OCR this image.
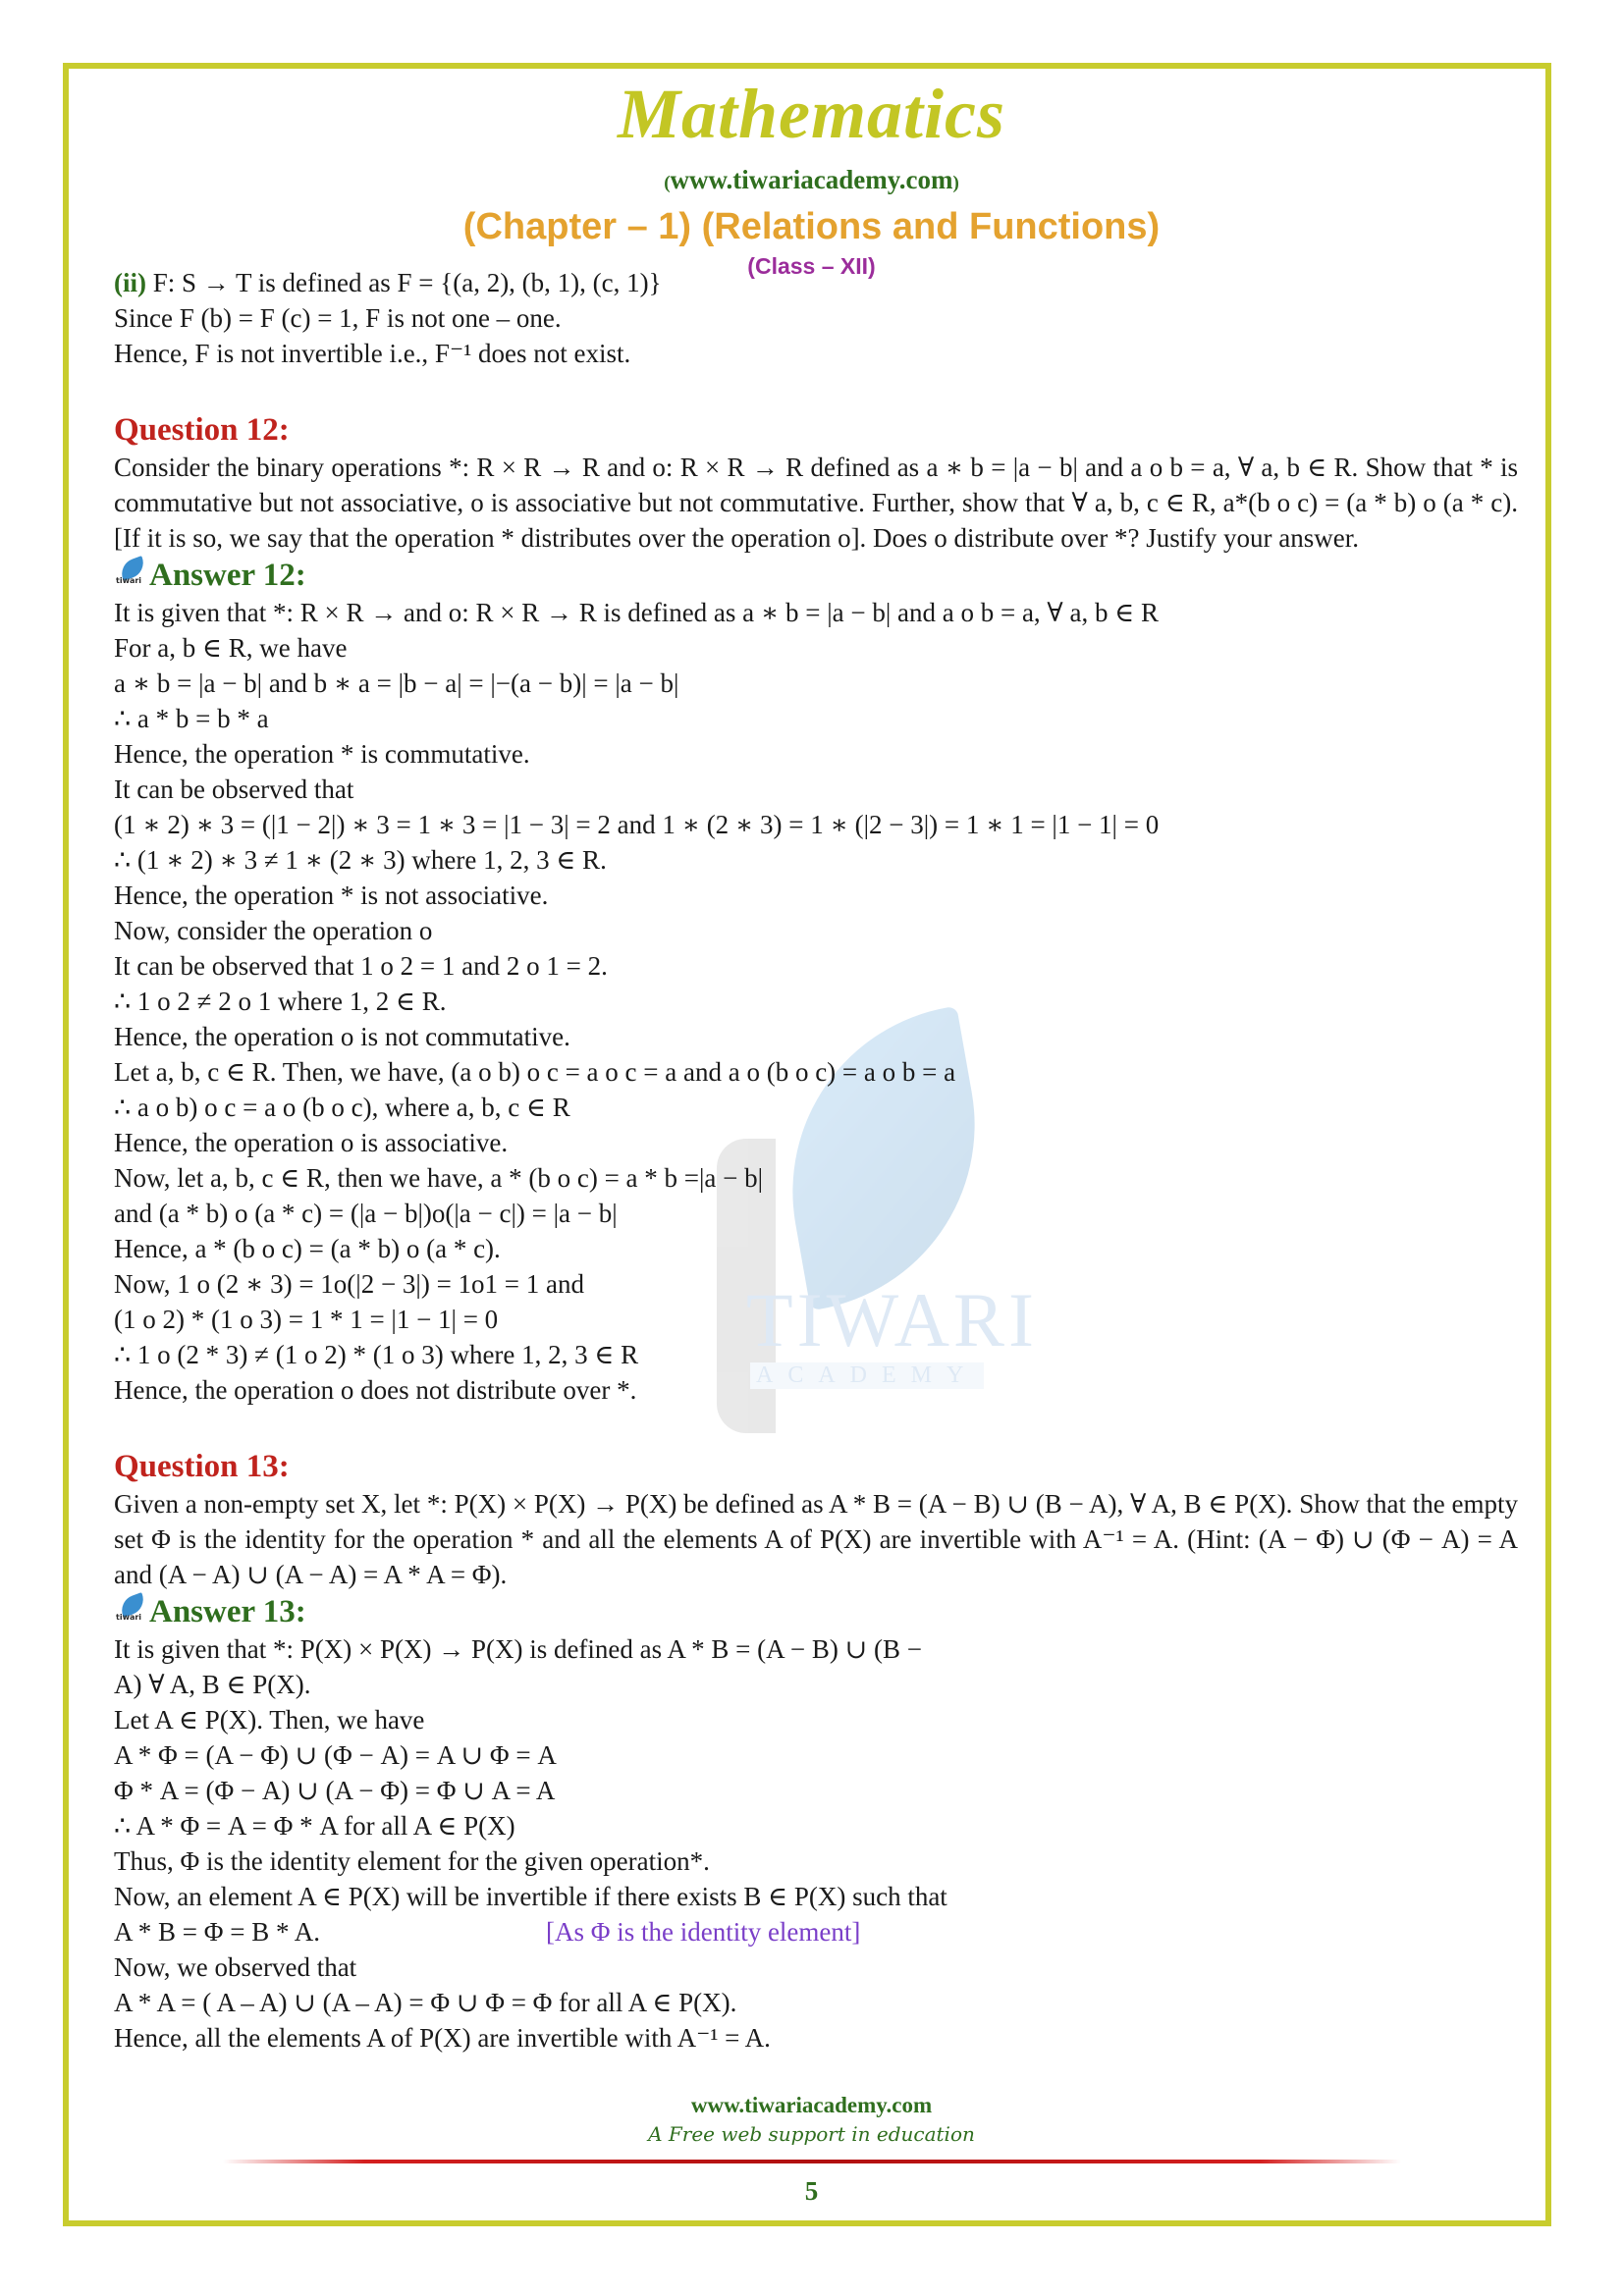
TIWARI
ACADEMY
Mathematics
(www.tiwariacademy.com)
(Chapter – 1) (Relations and Functions)
(Class – XII)

(ii) F: S → T is defined as F = {(a, 2), (b, 1), (c, 1)}

Since F (b) = F (c) = 1, F is not one – one.

Hence, F is not invertible i.e., F⁻¹ does not exist.

Question 12:

Consider the binary operations *: R × R → R and o: R × R → R defined as a ∗ b = |a − b| and a o b = a, ∀ a, b ∈ R. Show that * is commutative but not associative, o is associative but not commutative. Further, show that ∀ a, b, c ∈ R, a*(b o c) = (a * b) o (a * c). [If it is so, we say that the operation * distributes over the operation o]. Does o distribute over *? Justify your answer.

tiwari Answer 12:

It is given that *: R × R → and o: R × R → R is defined as a ∗ b = |a − b| and a o b = a, ∀ a, b ∈ R

For a, b ∈ R, we have

a ∗ b = |a − b| and b ∗ a = |b − a| = |−(a − b)| = |a − b|

∴ a * b = b * a

Hence, the operation * is commutative.

It can be observed that

(1 ∗ 2) ∗ 3 = (|1 − 2|) ∗ 3 = 1 ∗ 3 = |1 − 3| = 2 and 1 ∗ (2 ∗ 3) = 1 ∗ (|2 − 3|) = 1 ∗ 1 = |1 − 1| = 0

∴ (1 ∗ 2) ∗ 3 ≠ 1 ∗ (2 ∗ 3) where 1, 2, 3 ∈ R.

Hence, the operation * is not associative.

Now, consider the operation o

It can be observed that 1 o 2 = 1 and 2 o 1 = 2.

∴ 1 o 2 ≠ 2 o 1 where 1, 2 ∈ R.

Hence, the operation o is not commutative.

Let a, b, c ∈ R. Then, we have, (a o b) o c = a o c = a and a o (b o c) = a o b = a

∴ a o b) o c = a o (b o c), where a, b, c ∈ R

Hence, the operation o is associative.

Now, let a, b, c ∈ R, then we have, a * (b o c) = a * b =|a − b|

and (a * b) o (a * c) = (|a − b|)o(|a − c|) = |a − b|

Hence, a * (b o c) = (a * b) o (a * c).

Now, 1 o (2 ∗ 3) = 1o(|2 − 3|) = 1o1 = 1 and

(1 o 2) * (1 o 3) = 1 * 1 = |1 − 1| = 0

∴ 1 o (2 * 3) ≠ (1 o 2) * (1 o 3) where 1, 2, 3 ∈ R

Hence, the operation o does not distribute over *.

Question 13:

Given a non-empty set X, let *: P(X) × P(X) → P(X) be defined as A * B = (A − B) ∪ (B − A), ∀ A, B ∈ P(X). Show that the empty set Φ is the identity for the operation * and all the elements A of P(X) are invertible with A⁻¹ = A. (Hint: (A − Φ) ∪ (Φ − A) = A and (A − A) ∪ (A − A) = A * A = Φ).

tiwari Answer 13:

It is given that *: P(X) × P(X) → P(X) is defined as A * B = (A − B) ∪ (B −

A) ∀ A, B ∈ P(X).

Let A ∈ P(X). Then, we have

A * Φ = (A − Φ) ∪ (Φ − A) = A ∪ Φ = A

Φ * A = (Φ − A) ∪ (A − Φ) = Φ ∪ A = A

∴ A * Φ = A = Φ * A for all A ∈ P(X)

Thus, Φ is the identity element for the given operation*.

Now, an element A ∈ P(X) will be invertible if there exists B ∈ P(X) such that

A * B = Φ = B * A.	[As Φ is the identity element]

Now, we observed that

A * A = ( A – A) ∪ (A – A) = Φ ∪ Φ = Φ for all A ∈ P(X).

Hence, all the elements A of P(X) are invertible with A⁻¹ = A.

www.tiwariacademy.com
A Free web support in education
5
